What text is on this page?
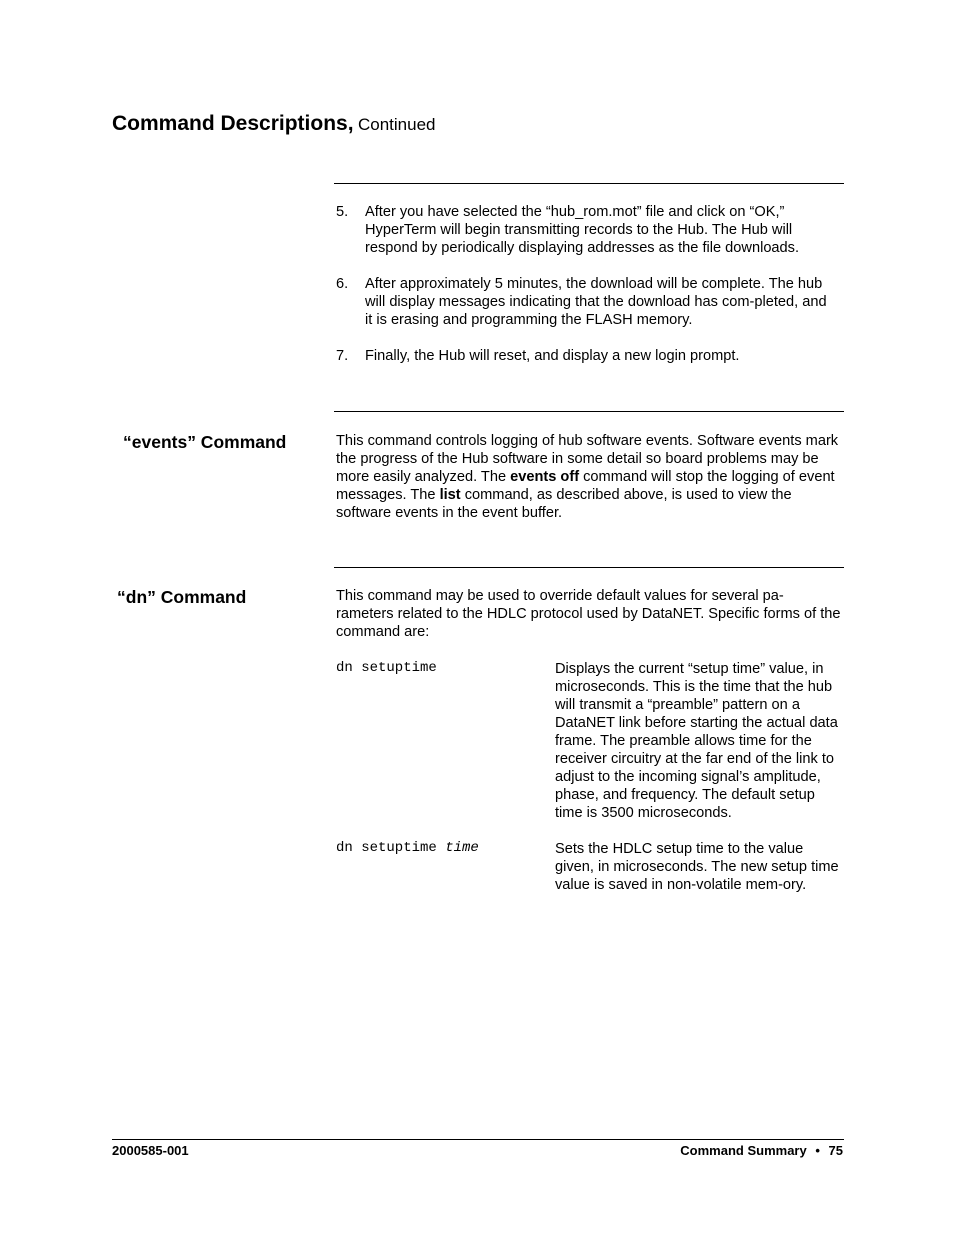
Command Descriptions, Continued
5. After you have selected the “hub_rom.mot” file and click on “OK,” HyperTerm will begin transmitting records to the Hub. The Hub will respond by periodically displaying addresses as the file downloads.
6. After approximately 5 minutes, the download will be complete. The hub will display messages indicating that the download has com-pleted, and it is erasing and programming the FLASH memory.
7. Finally, the Hub will reset, and display a new login prompt.
“events” Command	This command controls logging of hub software events. Software events mark the progress of the Hub software in some detail so board problems may be more easily analyzed. The events off command will stop the logging of event messages. The list command, as described above, is used to view the software events in the event buffer.
“dn” Command	This command may be used to override default values for several pa-rameters related to the HDLC protocol used by DataNET. Specific forms of the command are:
dn setuptime	Displays the current “setup time” value, in microseconds. This is the time that the hub will transmit a “preamble” pattern on a DataNET link before starting the actual data frame. The preamble allows time for the receiver circuitry at the far end of the link to adjust to the incoming signal’s amplitude, phase, and frequency. The default setup time is 3500 microseconds.
dn setuptime time	Sets the HDLC setup time to the value given, in microseconds. The new setup time value is saved in non-volatile mem-ory.
2000585-001	Command Summary • 75
